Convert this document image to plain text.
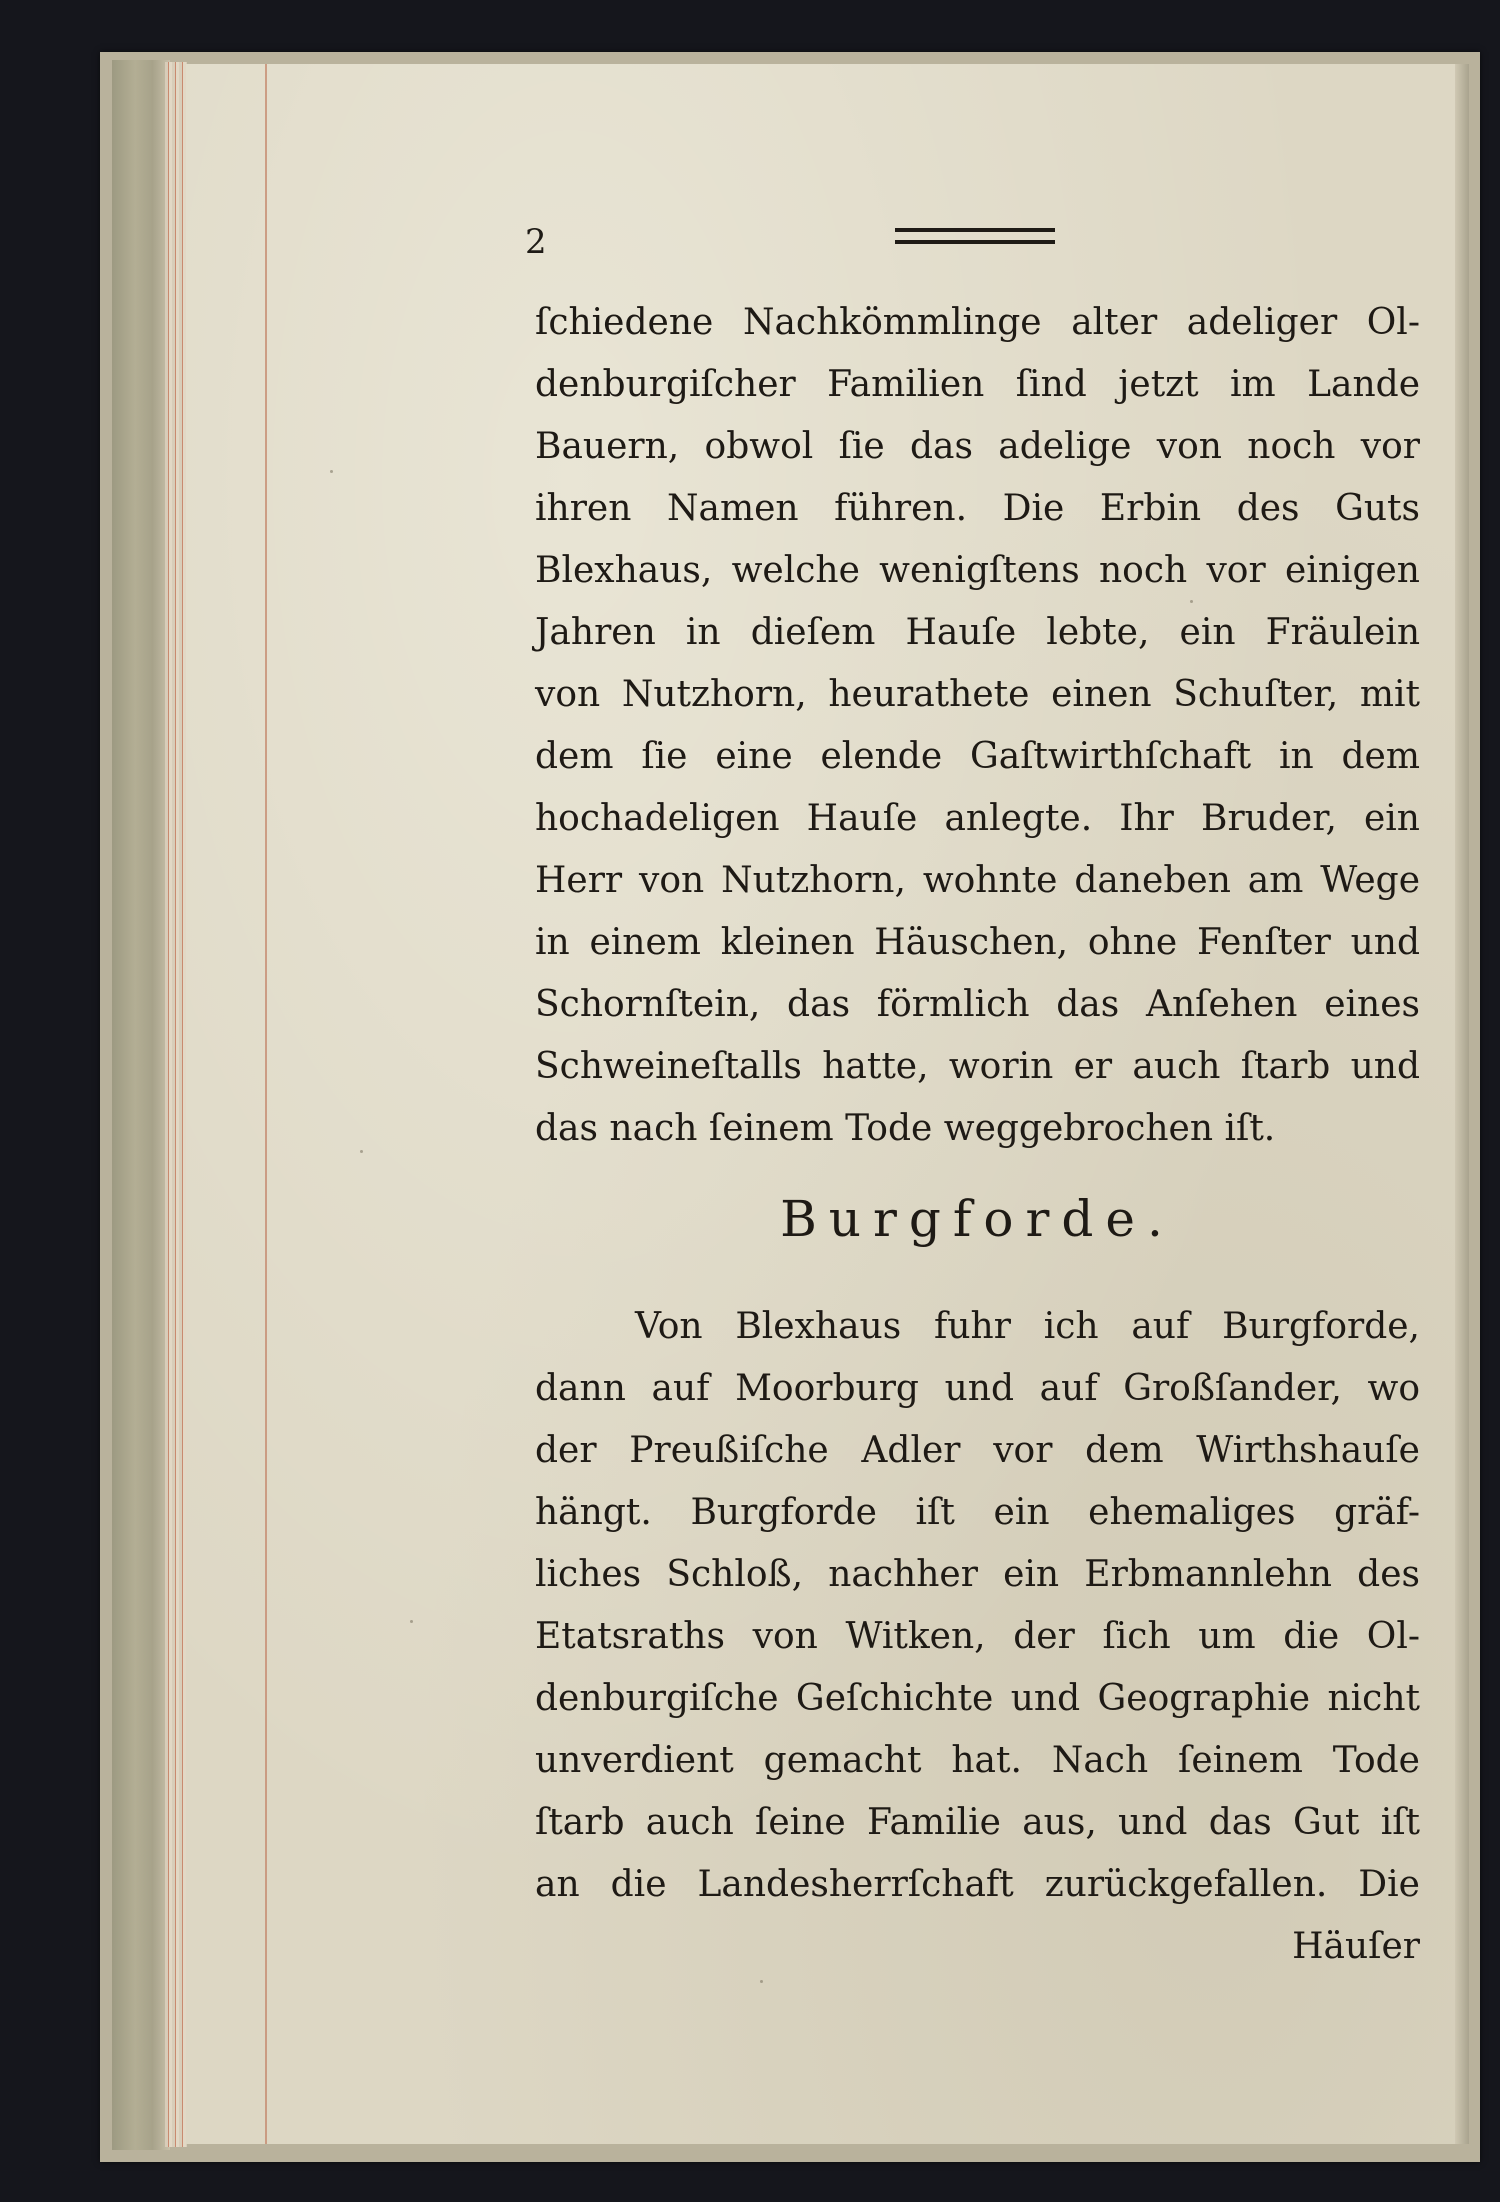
2
ſchiedene Nachkömmlinge alter adeliger Ol-
denburgiſcher Familien ſind jetzt im Lande
Bauern, obwol ſie das adelige von noch vor
ihren Namen führen. Die Erbin des Guts
Blexhaus, welche wenigſtens noch vor einigen
Jahren in dieſem Hauſe lebte, ein Fräulein
von Nutzhorn, heurathete einen Schuſter, mit
dem ſie eine elende Gaſtwirthſchaft in dem
hochadeligen Hauſe anlegte. Ihr Bruder, ein
Herr von Nutzhorn, wohnte daneben am Wege
in einem kleinen Häuschen, ohne Fenſter und
Schornſtein, das förmlich das Anſehen eines
Schweineſtalls hatte, worin er auch ſtarb und
das nach ſeinem Tode weggebrochen iſt.
Burgforde.
Von Blexhaus fuhr ich auf Burgforde,
dann auf Moorburg und auf Großſander, wo
der Preußiſche Adler vor dem Wirthshauſe
hängt. Burgforde iſt ein ehemaliges gräf-
liches Schloß, nachher ein Erbmannlehn des
Etatsraths von Witken, der ſich um die Ol-
denburgiſche Geſchichte und Geographie nicht
unverdient gemacht hat. Nach ſeinem Tode
ſtarb auch ſeine Familie aus, und das Gut iſt
an die Landesherrſchaft zurückgefallen. Die
Häuſer
